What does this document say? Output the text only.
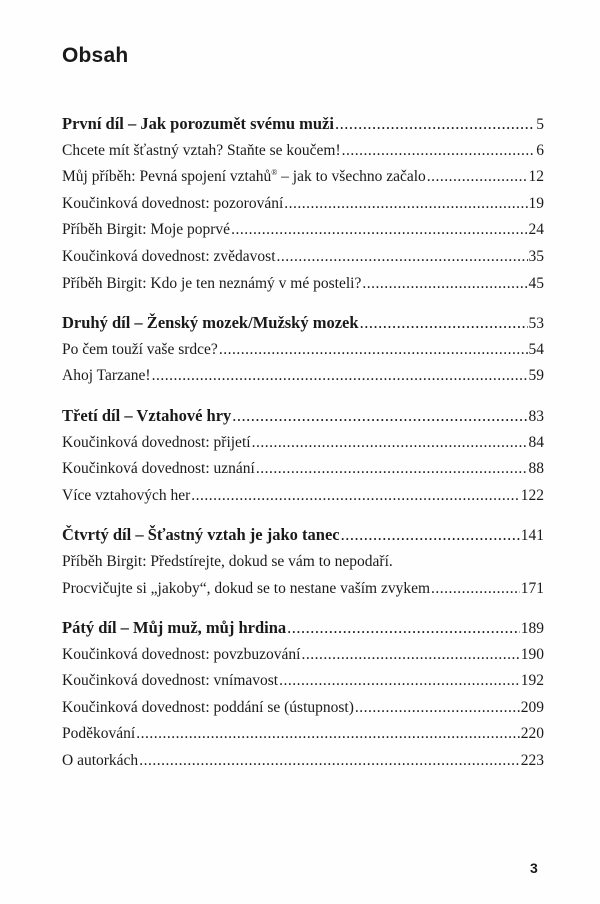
Obsah
První díl – Jak porozumět svému muži .....	5
Chcete mít šťastný vztah? Staňte se koučem! .....	6
Můj příběh: Pevná spojení vztahů® – jak to všechno začalo .....	12
Koučinková dovednost: pozorování .....	19
Příběh Birgit: Moje poprvé .....	24
Koučinková dovednost: zvědavost .....	35
Příběh Birgit: Kdo je ten neznámý v mé posteli? .....	45
Druhý díl – Ženský mozek/Mužský mozek .....	53
Po čem touží vaše srdce? .....	54
Ahoj Tarzane! .....	59
Třetí díl – Vztahové hry .....	83
Koučinková dovednost: přijetí .....	84
Koučinková dovednost: uznání .....	88
Více vztahových her .....	122
Čtvrtý díl – Šťastný vztah je jako tanec .....	141
Příběh Birgit: Předstírejte, dokud se vám to nepodaří.
Procvičujte si „jakoby“, dokud se to nestane vaším zvykem .....	171
Pátý díl – Můj muž, můj hrdina .....	189
Koučinková dovednost: povzbuzování .....	190
Koučinková dovednost: vnímavost .....	192
Koučinková dovednost: poddání se (ústupnost) .....	209
Poděkování .....	220
O autorkách .....	223
3
